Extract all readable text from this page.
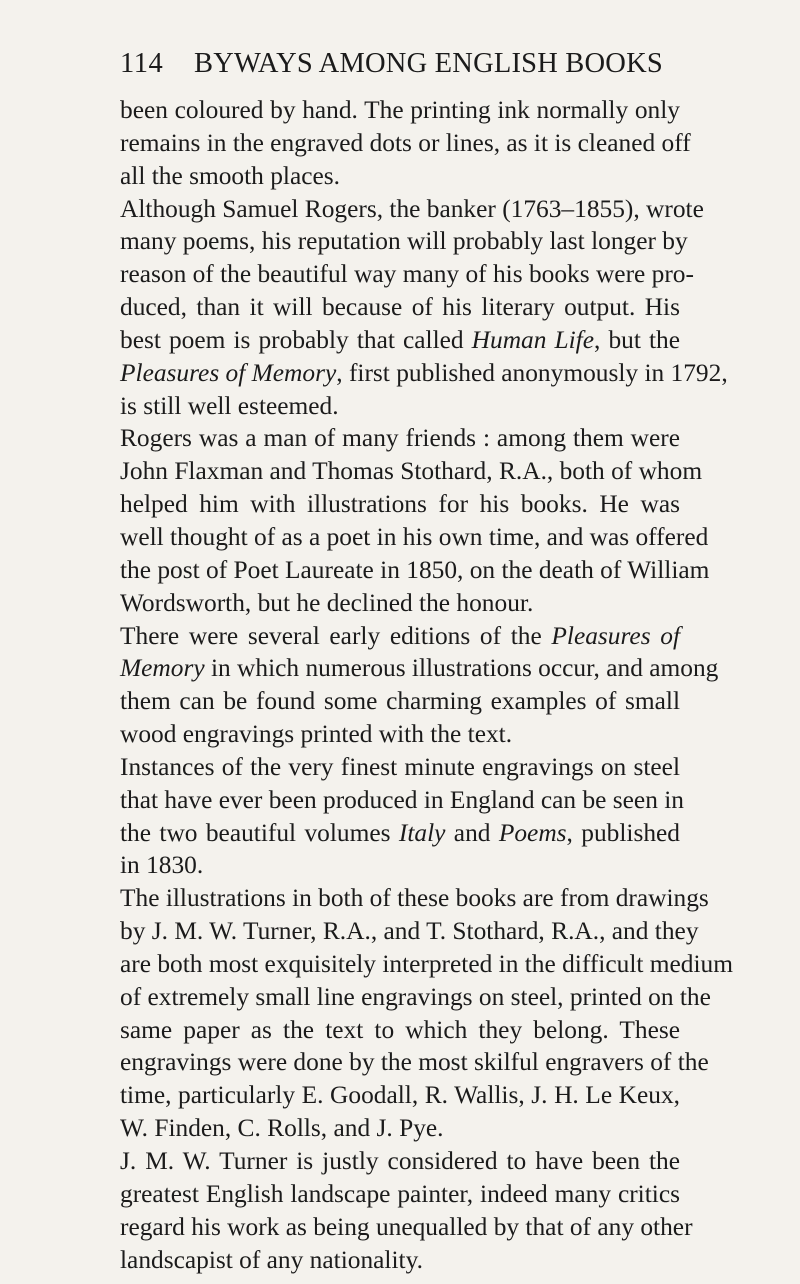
114 BYWAYS AMONG ENGLISH BOOKS

been coloured by hand. The printing ink normally only
remains in the engraved dots or lines, as it is cleaned off
all the smooth places.

Although Samuel Rogers, the banker (1763–1855), wrote
many poems, his reputation will probably last longer by
reason of the beautiful way many of his books were pro-
duced, than it will because of his literary output. His
best poem is probably that called Human Life, but the
Pleasures of Memory, first published anonymously in 1792,
is still well esteemed.

Rogers was a man of many friends : among them were
John Flaxman and Thomas Stothard, R.A., both of whom
helped him with illustrations for his books. He was
well thought of as a poet in his own time, and was offered
the post of Poet Laureate in 1850, on the death of William
Wordsworth, but he declined the honour.

There were several early editions of the Pleasures of
Memory in which numerous illustrations occur, and among
them can be found some charming examples of small
wood engravings printed with the text.

Instances of the very finest minute engravings on steel
that have ever been produced in England can be seen in
the two beautiful volumes Italy and Poems, published
in 1830.

The illustrations in both of these books are from drawings
by J. M. W. Turner, R.A., and T. Stothard, R.A., and they
are both most exquisitely interpreted in the difficult medium
of extremely small line engravings on steel, printed on the
same paper as the text to which they belong. These
engravings were done by the most skilful engravers of the
time, particularly E. Goodall, R. Wallis, J. H. Le Keux,
W. Finden, C. Rolls, and J. Pye.

J. M. W. Turner is justly considered to have been the
greatest English landscape painter, indeed many critics
regard his work as being unequalled by that of any other
landscapist of any nationality.
